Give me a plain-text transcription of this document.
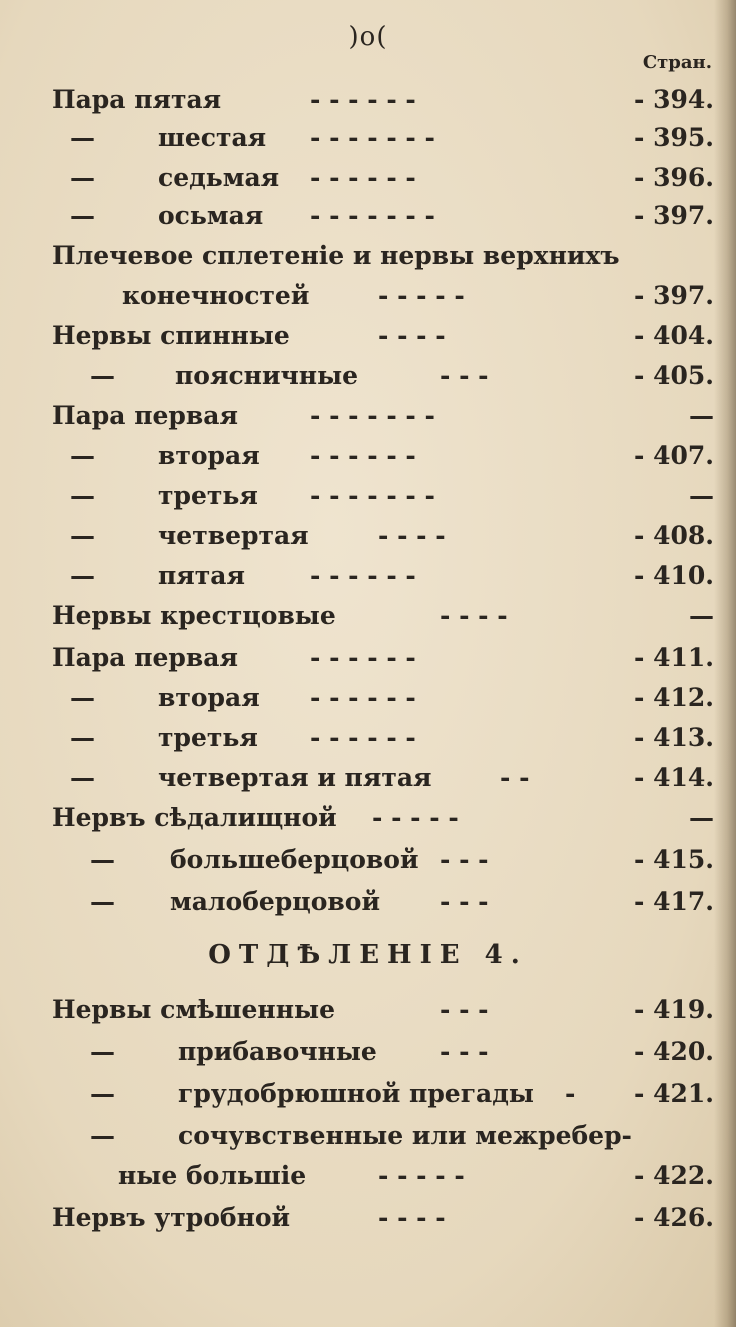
)o(
Cтран.
Пара пятая	- - - - - -	- 394.
—	шестая - - - - - - -	- 395.
—	седьмая - - - - - -	- 396.
—	осьмая - - - - - - -	- 397.
Плечевое сплетеніе и нервы верхнихъ
конечностей	- - - - -	- 397.
Нервы спинные	- - - -	- 404.
— поясничные	- - -	- 405.
Пара первая	- - - - - - -	—
—	вторая - - - - - -	- 407.
—	третья - - - - - - -	—
—	четвертая	- - - -	- 408.
—	пятая	- - - - - -	- 410.
Нервы крестцовые	- - - -	—
Пара первая	- - - - - -	- 411.
—	вторая - - - - - -	- 412.
—	третья - - - - - -	- 413.
—	четвертая и пятая	- -	- 414.
Нервъ сѣдалищной - - - - -	—
— большеберцовой - - -	- 415.
— малоберцовой - - -	- 417.
ОТДѢЛЕНІЕ 4.
Нервы смѣшенные	- - -	- 419.
—	прибавочные	- - -	- 420.
—	грудобрюшной прегады - - 421.
—	сочувственные или межребер-
ные большіе	- - - - -	- 422.
Нервъ утробной	- - - -	- 426.
